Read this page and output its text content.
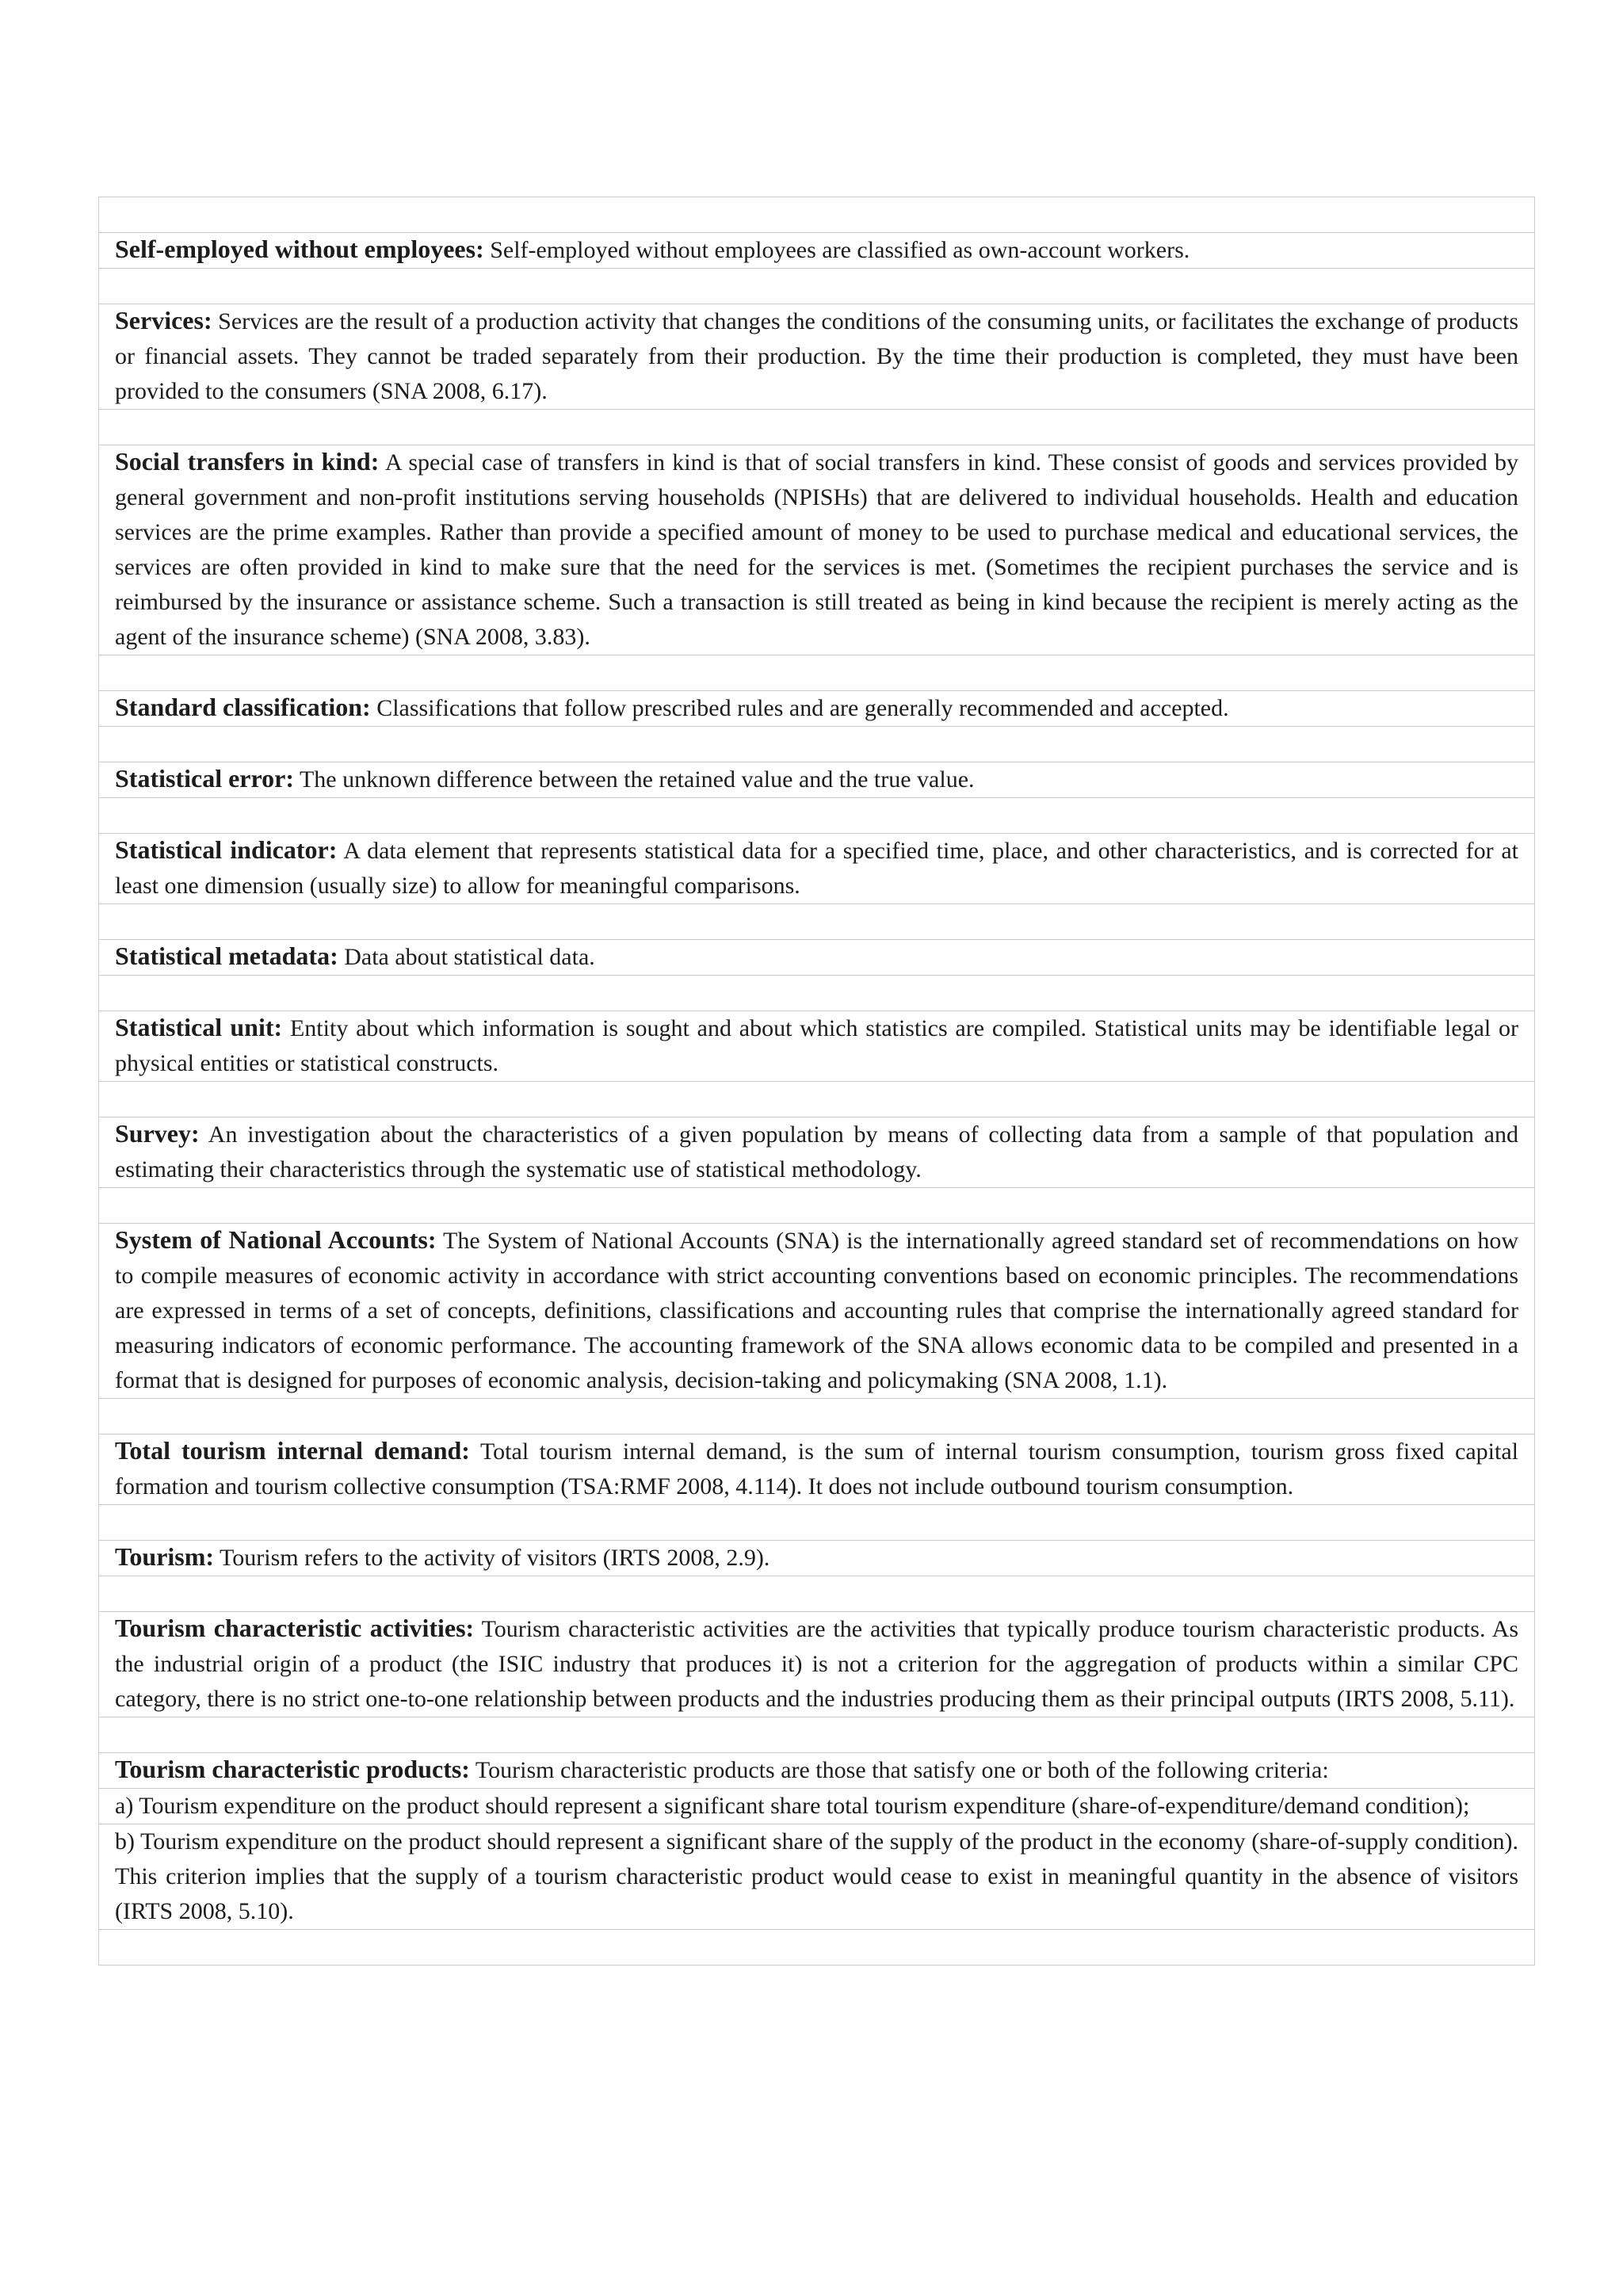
Self-employed without employees: Self-employed without employees are classified as own-account workers.
Services: Services are the result of a production activity that changes the conditions of the consuming units, or facilitates the exchange of products or financial assets. They cannot be traded separately from their production. By the time their production is completed, they must have been provided to the consumers (SNA 2008, 6.17).
Social transfers in kind: A special case of transfers in kind is that of social transfers in kind. These consist of goods and services provided by general government and non-profit institutions serving households (NPISHs) that are delivered to individual households. Health and education services are the prime examples. Rather than provide a specified amount of money to be used to purchase medical and educational services, the services are often provided in kind to make sure that the need for the services is met. (Sometimes the recipient purchases the service and is reimbursed by the insurance or assistance scheme. Such a transaction is still treated as being in kind because the recipient is merely acting as the agent of the insurance scheme) (SNA 2008, 3.83).
Standard classification: Classifications that follow prescribed rules and are generally recommended and accepted.
Statistical error: The unknown difference between the retained value and the true value.
Statistical indicator: A data element that represents statistical data for a specified time, place, and other characteristics, and is corrected for at least one dimension (usually size) to allow for meaningful comparisons.
Statistical metadata: Data about statistical data.
Statistical unit: Entity about which information is sought and about which statistics are compiled. Statistical units may be identifiable legal or physical entities or statistical constructs.
Survey: An investigation about the characteristics of a given population by means of collecting data from a sample of that population and estimating their characteristics through the systematic use of statistical methodology.
System of National Accounts: The System of National Accounts (SNA) is the internationally agreed standard set of recommendations on how to compile measures of economic activity in accordance with strict accounting conventions based on economic principles. The recommendations are expressed in terms of a set of concepts, definitions, classifications and accounting rules that comprise the internationally agreed standard for measuring indicators of economic performance. The accounting framework of the SNA allows economic data to be compiled and presented in a format that is designed for purposes of economic analysis, decision-taking and policymaking (SNA 2008, 1.1).
Total tourism internal demand: Total tourism internal demand, is the sum of internal tourism consumption, tourism gross fixed capital formation and tourism collective consumption (TSA:RMF 2008, 4.114). It does not include outbound tourism consumption.
Tourism: Tourism refers to the activity of visitors (IRTS 2008, 2.9).
Tourism characteristic activities: Tourism characteristic activities are the activities that typically produce tourism characteristic products. As the industrial origin of a product (the ISIC industry that produces it) is not a criterion for the aggregation of products within a similar CPC category, there is no strict one-to-one relationship between products and the industries producing them as their principal outputs (IRTS 2008, 5.11).
Tourism characteristic products: Tourism characteristic products are those that satisfy one or both of the following criteria:
a) Tourism expenditure on the product should represent a significant share total tourism expenditure (share-of-expenditure/demand condition);
b) Tourism expenditure on the product should represent a significant share of the supply of the product in the economy (share-of-supply condition). This criterion implies that the supply of a tourism characteristic product would cease to exist in meaningful quantity in the absence of visitors (IRTS 2008, 5.10).
